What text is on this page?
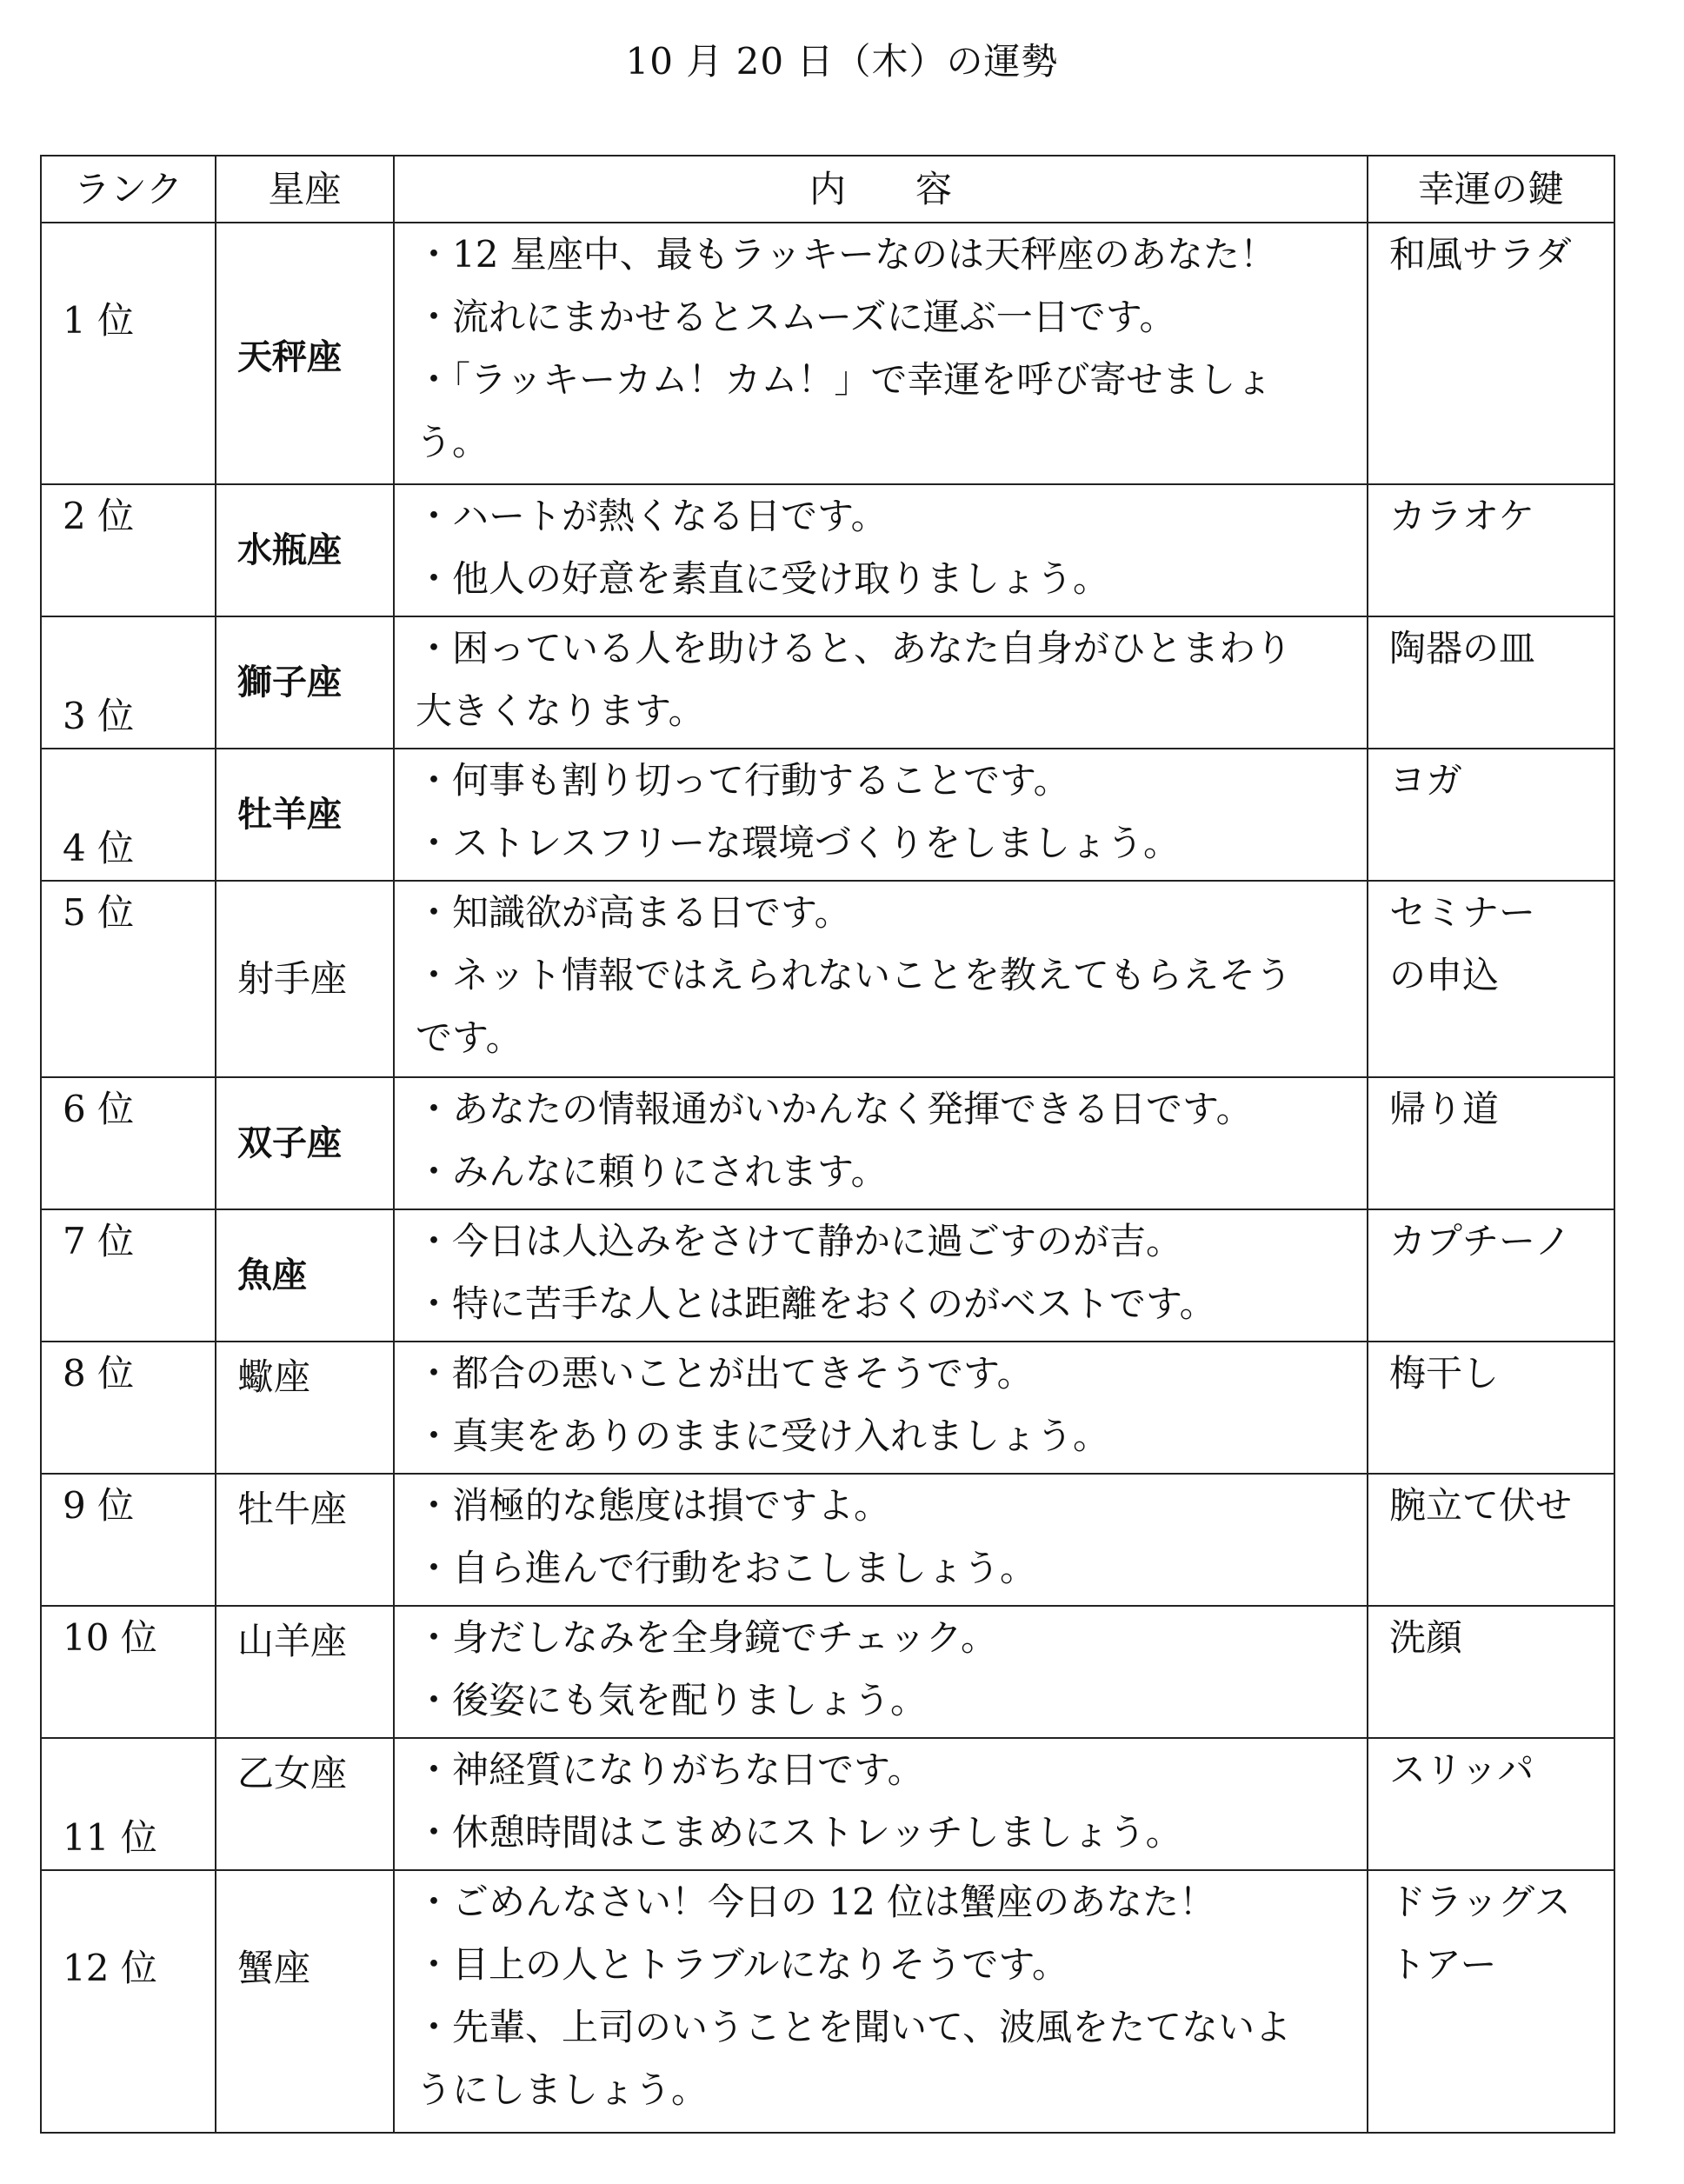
10 月 20 日（木）の運勢
ランク	星座	内容	幸運の鍵
1 位	天秤座	・12 星座中、最もラッキーなのは天秤座のあなた！
・流れにまかせるとスムーズに運ぶ一日です。
・「ラッキーカム！カム！」で幸運を呼び寄せましょ
う。	和風サラダ
2 位	水瓶座	・ハートが熱くなる日です。
・他人の好意を素直に受け取りましょう。	カラオケ
3 位	獅子座	・困っている人を助けると、あなた自身がひとまわり
大きくなります。	陶器の皿
4 位	牡羊座	・何事も割り切って行動することです。
・ストレスフリーな環境づくりをしましょう。	ヨガ
5 位	射手座	・知識欲が高まる日です。
・ネット情報ではえられないことを教えてもらえそう
です。	セミナーの申込
6 位	双子座	・あなたの情報通がいかんなく発揮できる日です。
・みんなに頼りにされます。	帰り道
7 位	魚座	・今日は人込みをさけて静かに過ごすのが吉。
・特に苦手な人とは距離をおくのがベストです。	カプチーノ
8 位	蠍座	・都合の悪いことが出てきそうです。
・真実をありのままに受け入れましょう。	梅干し
9 位	牡牛座	・消極的な態度は損ですよ。
・自ら進んで行動をおこしましょう。	腕立て伏せ
10 位	山羊座	・身だしなみを全身鏡でチェック。
・後姿にも気を配りましょう。	洗顔
11 位	乙女座	・神経質になりがちな日です。
・休憩時間はこまめにストレッチしましょう。	スリッパ
12 位	蟹座	・ごめんなさい！今日の 12 位は蟹座のあなた！
・目上の人とトラブルになりそうです。
・先輩、上司のいうことを聞いて、波風をたてないよ
うにしましょう。	ドラッグストアー
